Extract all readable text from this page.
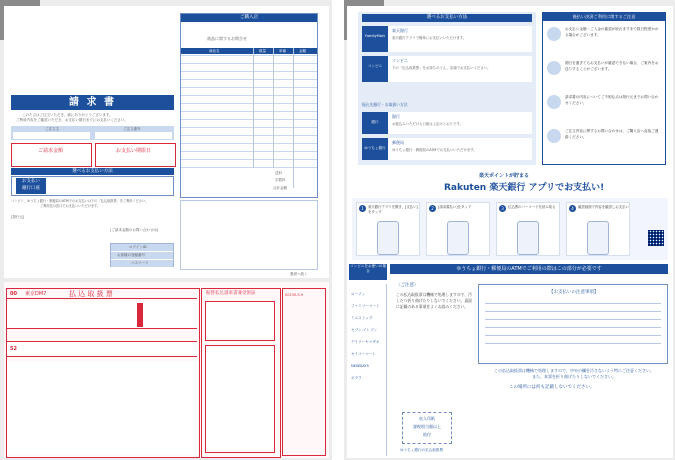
請 求 書
このたびはご注文いただき、誠にありがとうございます。
ご利用内容をご確認いただき、お支払い期日までにお支払いください。
ご注文主	ご注文番号
ご請求金額	お支払い期限日
選べるお支払い方法
お支払い
銀行口座
コンビニ、ゆうちょ銀行・郵便局のATMでのお支払いは下の「払込取扱票」をご利用ください。
ご利用先の窓口でお支払いいただけます。
[発行元]
[ご請求金額のお問い合わせは]
ログインID
お客様の登録番号
パスワード
ご購入店
商品に関するお問合せ
商品名	数量	単価	金額
送料
手数料
合計金額
裏面へ続く
00 東京DM7	払 込 取 扱 票
52
振替払込請求書兼受領証	00130-3-9
選べるお支払い方法
FamilyMart
楽天銀行
楽天銀行アプリで簡単にお支払いいただけます。
コンビニ
コンビニ
下の「払込取扱票」をお持ちのうえ、店頭でお支払いください。
銀行
銀行
お振込みいただける口座は上記のとおりです。
ゆうちょ銀行
郵便局
ゆうちょ銀行・郵便局のATMでお支払いいただけます。
振込先銀行・お取扱い方法
後払い決済ご利用に関するご注意
お支払い金額・ご入金の確認が取れますまで数日程度かかる場合がございます。
期日を過ぎてもお支払いが確認できない場合、ご案内をお送りすることがございます。
請求書の内容についてご不明な点は発行元までお問い合わせください。
ご注文内容に関するお問い合わせは、ご購入店へ直接ご連絡ください。
楽天ポイントが貯まる
Rakuten 楽天銀行 アプリでお支払い!
1	楽天銀行アプリを開き、[支払い]をタップ
2	[請求書払い]をタップ	3	払込票のバーコードを読み取る	4	確認画面で内容を確認しお支払い
コンビニをお使いの場合	ゆうちょ銀行・郵便局のATMでご利用の際はこの部分が必要です
ローソン
ファミリーマート
ミニストップ
セブン-イレブン
デイリーヤマザキ
セイコーマート
NEWDAYS
ポプラ
〈ご注意〉
この払込取扱票は機械で処理しますので、汚したり折り曲げたりしないでください。裏面に記載のある事項をよくお読みください。
収入印紙
課税相当額以上
貼付
ゆうちょ銀行の払込取扱票
【お支払いの注意事項】
この払込取扱票は機械で処理しますので、中央の欄を汚さないよう特にご注意ください。また、本票を折り曲げたりしないでください。
この場所には何も記載しないでください。
